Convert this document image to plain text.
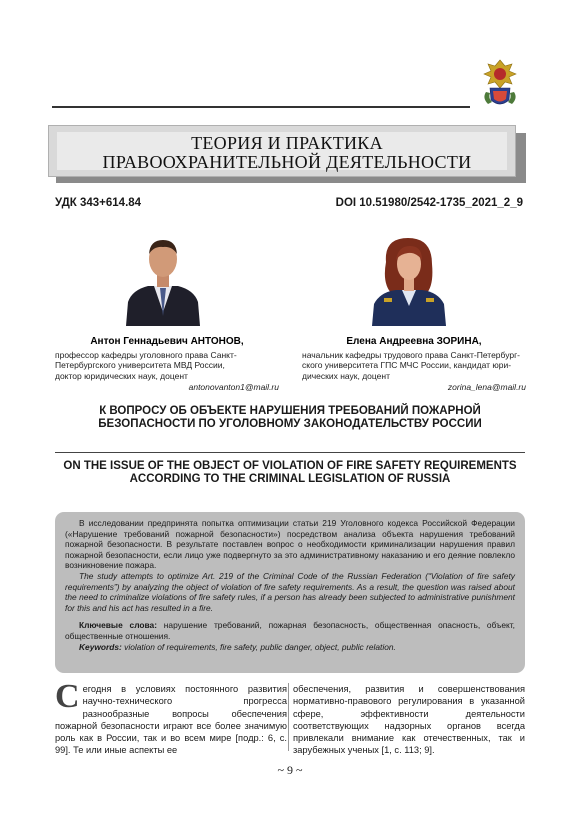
ТЕОРИЯ И ПРАКТИКА
ПРАВООХРАНИТЕЛЬНОЙ ДЕЯТЕЛЬНОСТИ
УДК 343+614.84	DOI 10.51980/2542-1735_2021_2_9
Антон Геннадьевич АНТОНОВ,
профессор кафедры уголовного права Санкт-
Петербургского университета МВД России,
доктор юридических наук, доцент
antonovanton1@mail.ru
Елена Андреевна ЗОРИНА,
начальник кафедры трудового права Санкт-Петербург-
ского университета ГПС МЧС России, кандидат юри-
дических наук, доцент
zorina_lena@mail.ru
К ВОПРОСУ ОБ ОБЪЕКТЕ НАРУШЕНИЯ ТРЕБОВАНИЙ ПОЖАРНОЙ БЕЗОПАСНОСТИ ПО УГОЛОВНОМУ ЗАКОНОДАТЕЛЬСТВУ РОССИИ
ON THE ISSUE OF THE OBJECT OF VIOLATION OF FIRE SAFETY REQUIREMENTS ACCORDING TO THE CRIMINAL LEGISLATION OF RUSSIA

В исследовании предпринята попытка оптимизации статьи 219 Уголовного кодекса Российской Федерации («Нарушение требований пожарной безопасности») посредством анализа объекта нарушения требований пожарной безопасности. В результате поставлен вопрос о необходимости криминализации нарушения правил пожарной безопасности, если лицо уже подвергнуто за это административному наказанию и его деяние повлекло возникновение пожара.

The study attempts to optimize Art. 219 of the Criminal Code of the Russian Federation (“Violation of fire safety requirements”) by analyzing the object of violation of fire safety requirements. As a result, the question was raised about the need to criminalize violations of fire safety rules, if a person has already been subjected to administrative punishment for this and his act has resulted in a fire.

Ключевые слова: нарушение требований, пожарная безопасность, общественная опасность, объект, общественные отношения.

Keywords: violation of requirements, fire safety, public danger, object, public relation.

Сегодня в условиях постоянного развития научно-технического прогресса разнообразные вопросы обеспечения пожарной безопасности играют все более значимую роль как в России, так и во всем мире [подр.: 6, с. 99]. Те или иные аспекты ее
обеспечения, развития и совершенствования нормативно-правового регулирования в указанной сфере, эффективности деятельности соответствующих надзорных органов всегда привлекали внимание как отечественных, так и зарубежных ученых [1, с. 113; 9].
~ 9 ~
